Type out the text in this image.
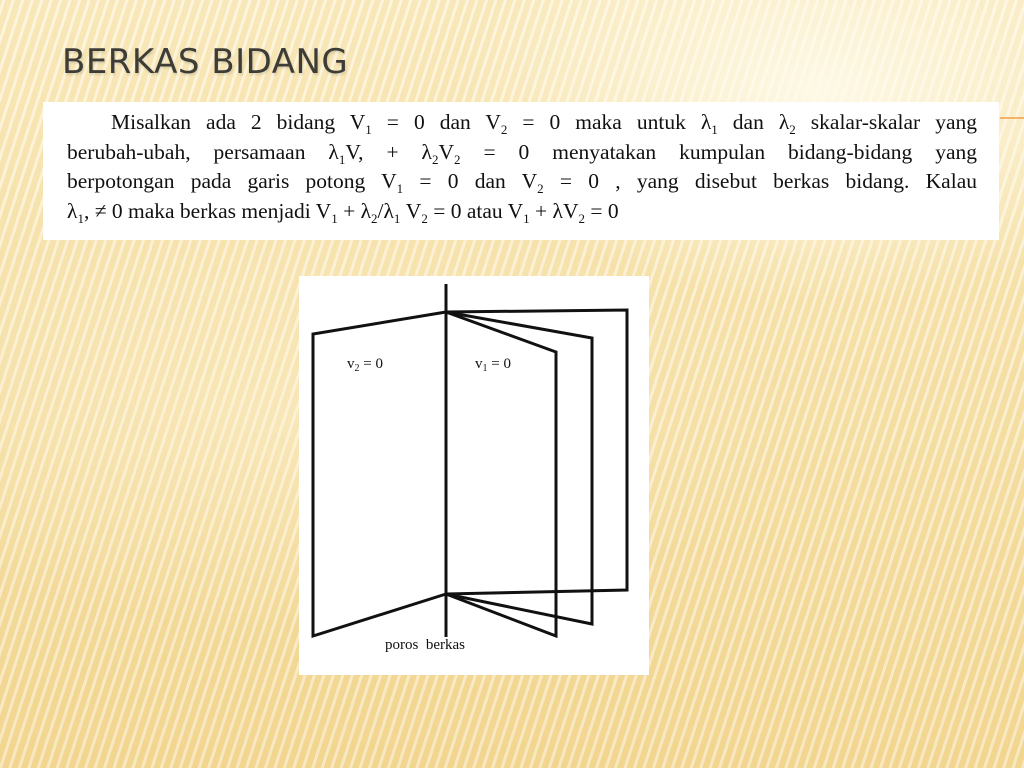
BERKAS BIDANG

Misalkan ada 2 bidang $V_1 = 0$ dan $V_2 = 0$ maka untuk $\lambda_1$ dan $\lambda_2$ skalar-skalar yang
berubah-ubah, persamaan $\lambda_1V$, + $\lambda_2V_2 = 0$ menyatakan kumpulan bidang-bidang yang
berpotongan pada garis potong $V_1 = 0$ dan $V_2 = 0$ , yang disebut berkas bidang. Kalau
$\lambda_1$, ≠ 0 maka berkas menjadi $V_1 + \lambda_2/\lambda_1$ $V_2 = 0$ atau $V_1 + \lambda V_2 = 0$

$v_2 = 0$	$v_1 = 0$
poros  berkas
